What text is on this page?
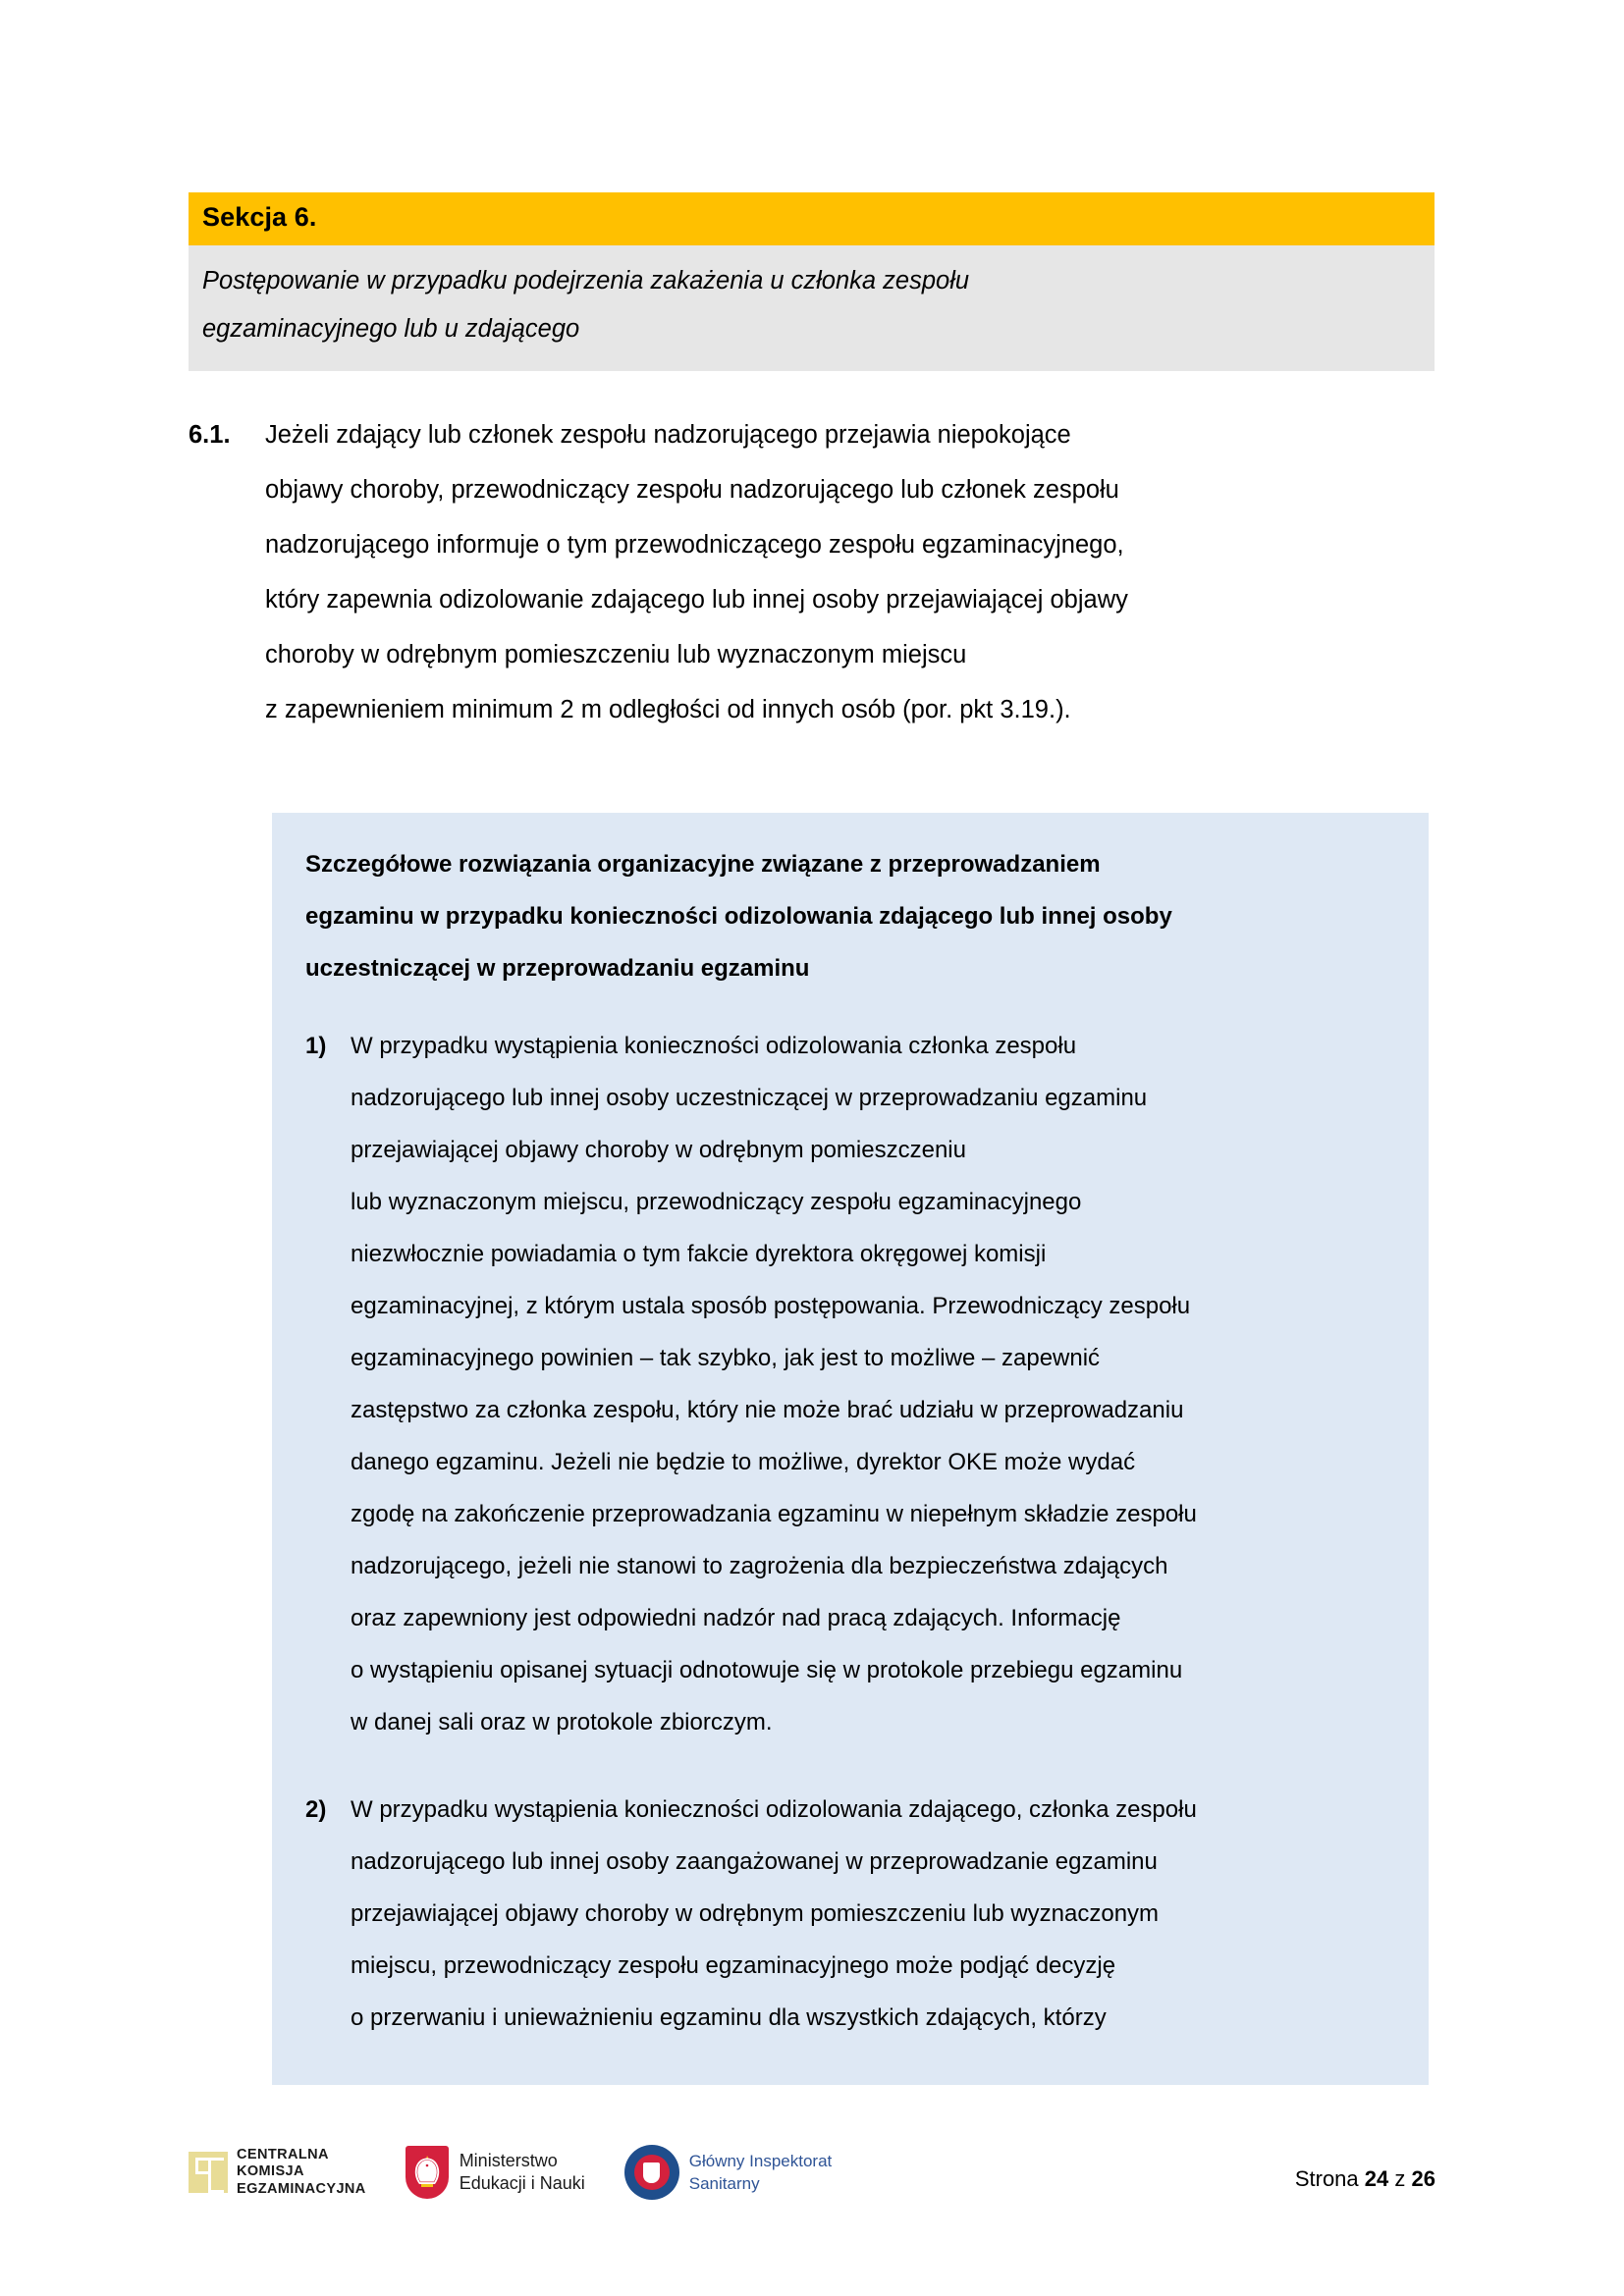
Sekcja 6.
Postępowanie w przypadku podejrzenia zakażenia u członka zespołu
egzaminacyjnego lub u zdającego
6.1.	Jeżeli zdający lub członek zespołu nadzorującego przejawia niepokojące
objawy choroby, przewodniczący zespołu nadzorującego lub członek zespołu
nadzorującego informuje o tym przewodniczącego zespołu egzaminacyjnego,
który zapewnia odizolowanie zdającego lub innej osoby przejawiającej objawy
choroby w odrębnym pomieszczeniu lub wyznaczonym miejscu
z zapewnieniem minimum 2 m odległości od innych osób (por. pkt 3.19.).
Szczegółowe rozwiązania organizacyjne związane z przeprowadzaniem
egzaminu w przypadku konieczności odizolowania zdającego lub innej osoby
uczestniczącej w przeprowadzaniu egzaminu
1)	W przypadku wystąpienia konieczności odizolowania członka zespołu
nadzorującego lub innej osoby uczestniczącej w przeprowadzaniu egzaminu
przejawiającej objawy choroby w odrębnym pomieszczeniu
lub wyznaczonym miejscu, przewodniczący zespołu egzaminacyjnego
niezwłocznie powiadamia o tym fakcie dyrektora okręgowej komisji
egzaminacyjnej, z którym ustala sposób postępowania. Przewodniczący zespołu
egzaminacyjnego powinien – tak szybko, jak jest to możliwe – zapewnić
zastępstwo za członka zespołu, który nie może brać udziału w przeprowadzaniu
danego egzaminu. Jeżeli nie będzie to możliwe, dyrektor OKE może wydać
zgodę na zakończenie przeprowadzania egzaminu w niepełnym składzie zespołu
nadzorującego, jeżeli nie stanowi to zagrożenia dla bezpieczeństwa zdających
oraz zapewniony jest odpowiedni nadzór nad pracą zdających. Informację
o wystąpieniu opisanej sytuacji odnotowuje się w protokole przebiegu egzaminu
w danej sali oraz w protokole zbiorczym.
2)	W przypadku wystąpienia konieczności odizolowania zdającego, członka zespołu
nadzorującego lub innej osoby zaangażowanej w przeprowadzanie egzaminu
przejawiającej objawy choroby w odrębnym pomieszczeniu lub wyznaczonym
miejscu, przewodniczący zespołu egzaminacyjnego może podjąć decyzję
o przerwaniu i unieważnieniu egzaminu dla wszystkich zdających, którzy
CENTRALNA
KOMISJA
EGZAMINACYJNA
Ministerstwo
Edukacji i Nauki
Główny Inspektorat
Sanitarny	Strona 24 z 26
